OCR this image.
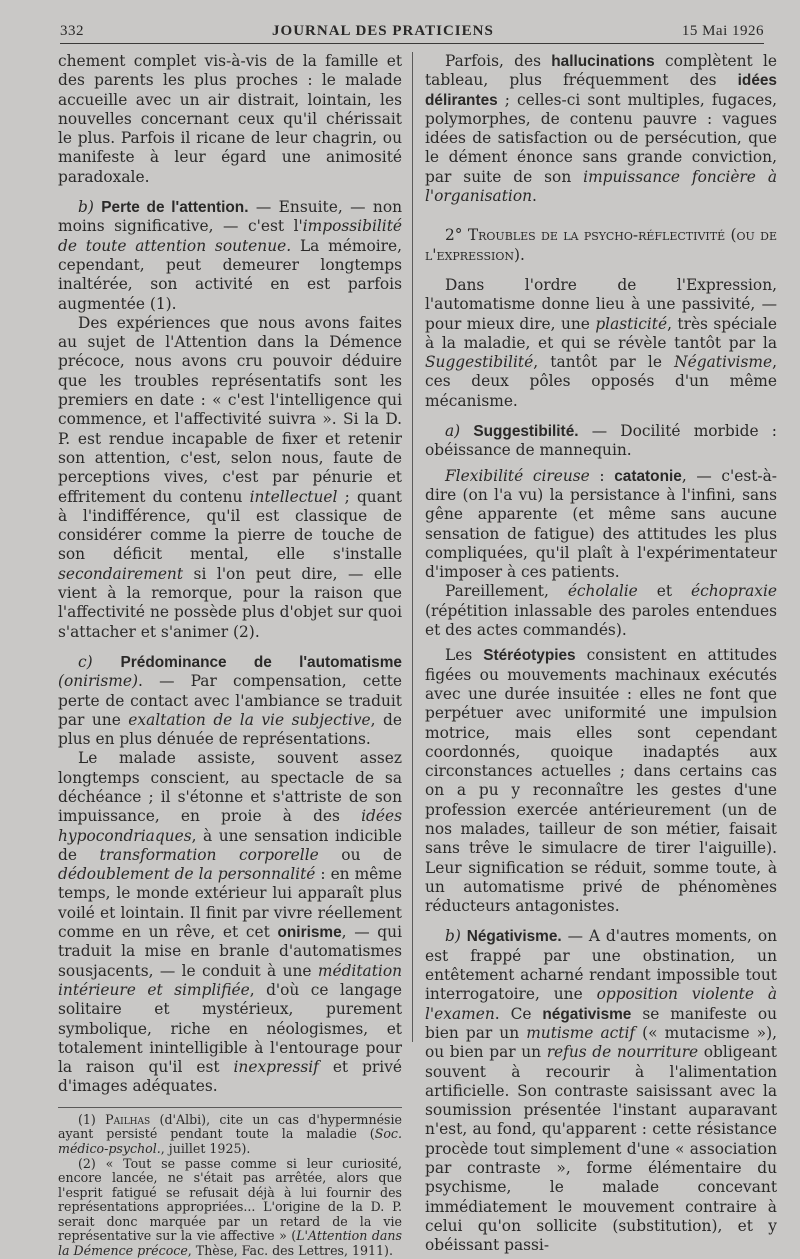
332	JOURNAL DES PRATICIENS	15 Mai 1926

chement complet vis-à-vis de la famille et des parents les plus proches : le malade accueille avec un air distrait, lointain, les nouvelles concernant ceux qu'il chérissait le plus. Parfois il ricane de leur chagrin, ou manifeste à leur égard une animosité paradoxale.

b) Perte de l'attention. — Ensuite, — non moins significative, — c'est l'impossibilité de toute attention soutenue. La mémoire, cependant, peut demeurer longtemps inaltérée, son activité en est parfois augmentée (1).

Des expériences que nous avons faites au sujet de l'Attention dans la Démence précoce, nous avons cru pouvoir déduire que les troubles représentatifs sont les premiers en date : « c'est l'intelligence qui commence, et l'affectivité suivra ». Si la D. P. est rendue incapable de fixer et retenir son attention, c'est, selon nous, faute de perceptions vives, c'est par pénurie et effritement du contenu intellectuel ; quant à l'indifférence, qu'il est classique de considérer comme la pierre de touche de son déficit mental, elle s'installe secondairement si l'on peut dire, — elle vient à la remorque, pour la raison que l'affectivité ne possède plus d'objet sur quoi s'attacher et s'animer (2).

c) Prédominance de l'automatisme (onirisme). — Par compensation, cette perte de contact avec l'ambiance se traduit par une exaltation de la vie subjective, de plus en plus dénuée de représentations.

Le malade assiste, souvent assez longtemps conscient, au spectacle de sa déchéance ; il s'étonne et s'attriste de son impuissance, en proie à des idées hypocondriaques, à une sensation indicible de transformation corporelle ou de dédoublement de la personnalité : en même temps, le monde extérieur lui apparaît plus voilé et lointain. Il finit par vivre réellement comme en un rêve, et cet onirisme, — qui traduit la mise en branle d'automatismes sousjacents, — le conduit à une méditation intérieure et simplifiée, d'où ce langage solitaire et mystérieux, purement symbolique, riche en néologismes, et totalement inintelligible à l'entourage pour la raison qu'il est inexpressif et privé d'images adéquates.

(1) Pailhas (d'Albi), cite un cas d'hypermnésie ayant persisté pendant toute la maladie (Soc. médico-psychol., juillet 1925).

(2) « Tout se passe comme si leur curiosité, encore lancée, ne s'était pas arrêtée, alors que l'esprit fatigué se refusait déjà à lui fournir des représentations appropriées... L'origine de la D. P. serait donc marquée par un retard de la vie représentative sur la vie affective » (L'Attention dans la Démence précoce, Thèse, Fac. des Lettres, 1911).

Parfois, des hallucinations complètent le tableau, plus fréquemment des idées délirantes ; celles-ci sont multiples, fugaces, polymorphes, de contenu pauvre : vagues idées de satisfaction ou de persécution, que le dément énonce sans grande conviction, par suite de son impuissance foncière à l'organisation.

2° Troubles de la psycho-réflectivité (ou de l'expression).

Dans l'ordre de l'Expression, l'automatisme donne lieu à une passivité, — pour mieux dire, une plasticité, très spéciale à la maladie, et qui se révèle tantôt par la Suggestibilité, tantôt par le Négativisme, ces deux pôles opposés d'un même mécanisme.

a) Suggestibilité. — Docilité morbide : obéissance de mannequin.

Flexibilité cireuse : catatonie, — c'est-à-dire (on l'a vu) la persistance à l'infini, sans gêne apparente (et même sans aucune sensation de fatigue) des attitudes les plus compliquées, qu'il plaît à l'expérimentateur d'imposer à ces patients.

Pareillement, écholalie et échopraxie (répétition inlassable des paroles entendues et des actes commandés).

Les Stéréotypies consistent en attitudes figées ou mouvements machinaux exécutés avec une durée insuitée : elles ne font que perpétuer avec uniformité une impulsion motrice, mais elles sont cependant coordonnés, quoique inadaptés aux circonstances actuelles ; dans certains cas on a pu y reconnaître les gestes d'une profession exercée antérieurement (un de nos malades, tailleur de son métier, faisait sans trêve le simulacre de tirer l'aiguille). Leur signification se réduit, somme toute, à un automatisme privé de phénomènes réducteurs antagonistes.

b) Négativisme. — A d'autres moments, on est frappé par une obstination, un entêtement acharné rendant impossible tout interrogatoire, une opposition violente à l'examen. Ce négativisme se manifeste ou bien par un mutisme actif (« mutacisme »), ou bien par un refus de nourriture obligeant souvent à recourir à l'alimentation artificielle. Son contraste saisissant avec la soumission présentée l'instant auparavant n'est, au fond, qu'apparent : cette résistance procède tout simplement d'une « association par contraste », forme élémentaire du psychisme, le malade concevant immédiatement le mouvement contraire à celui qu'on sollicite (substitution), et y obéissant passi-
